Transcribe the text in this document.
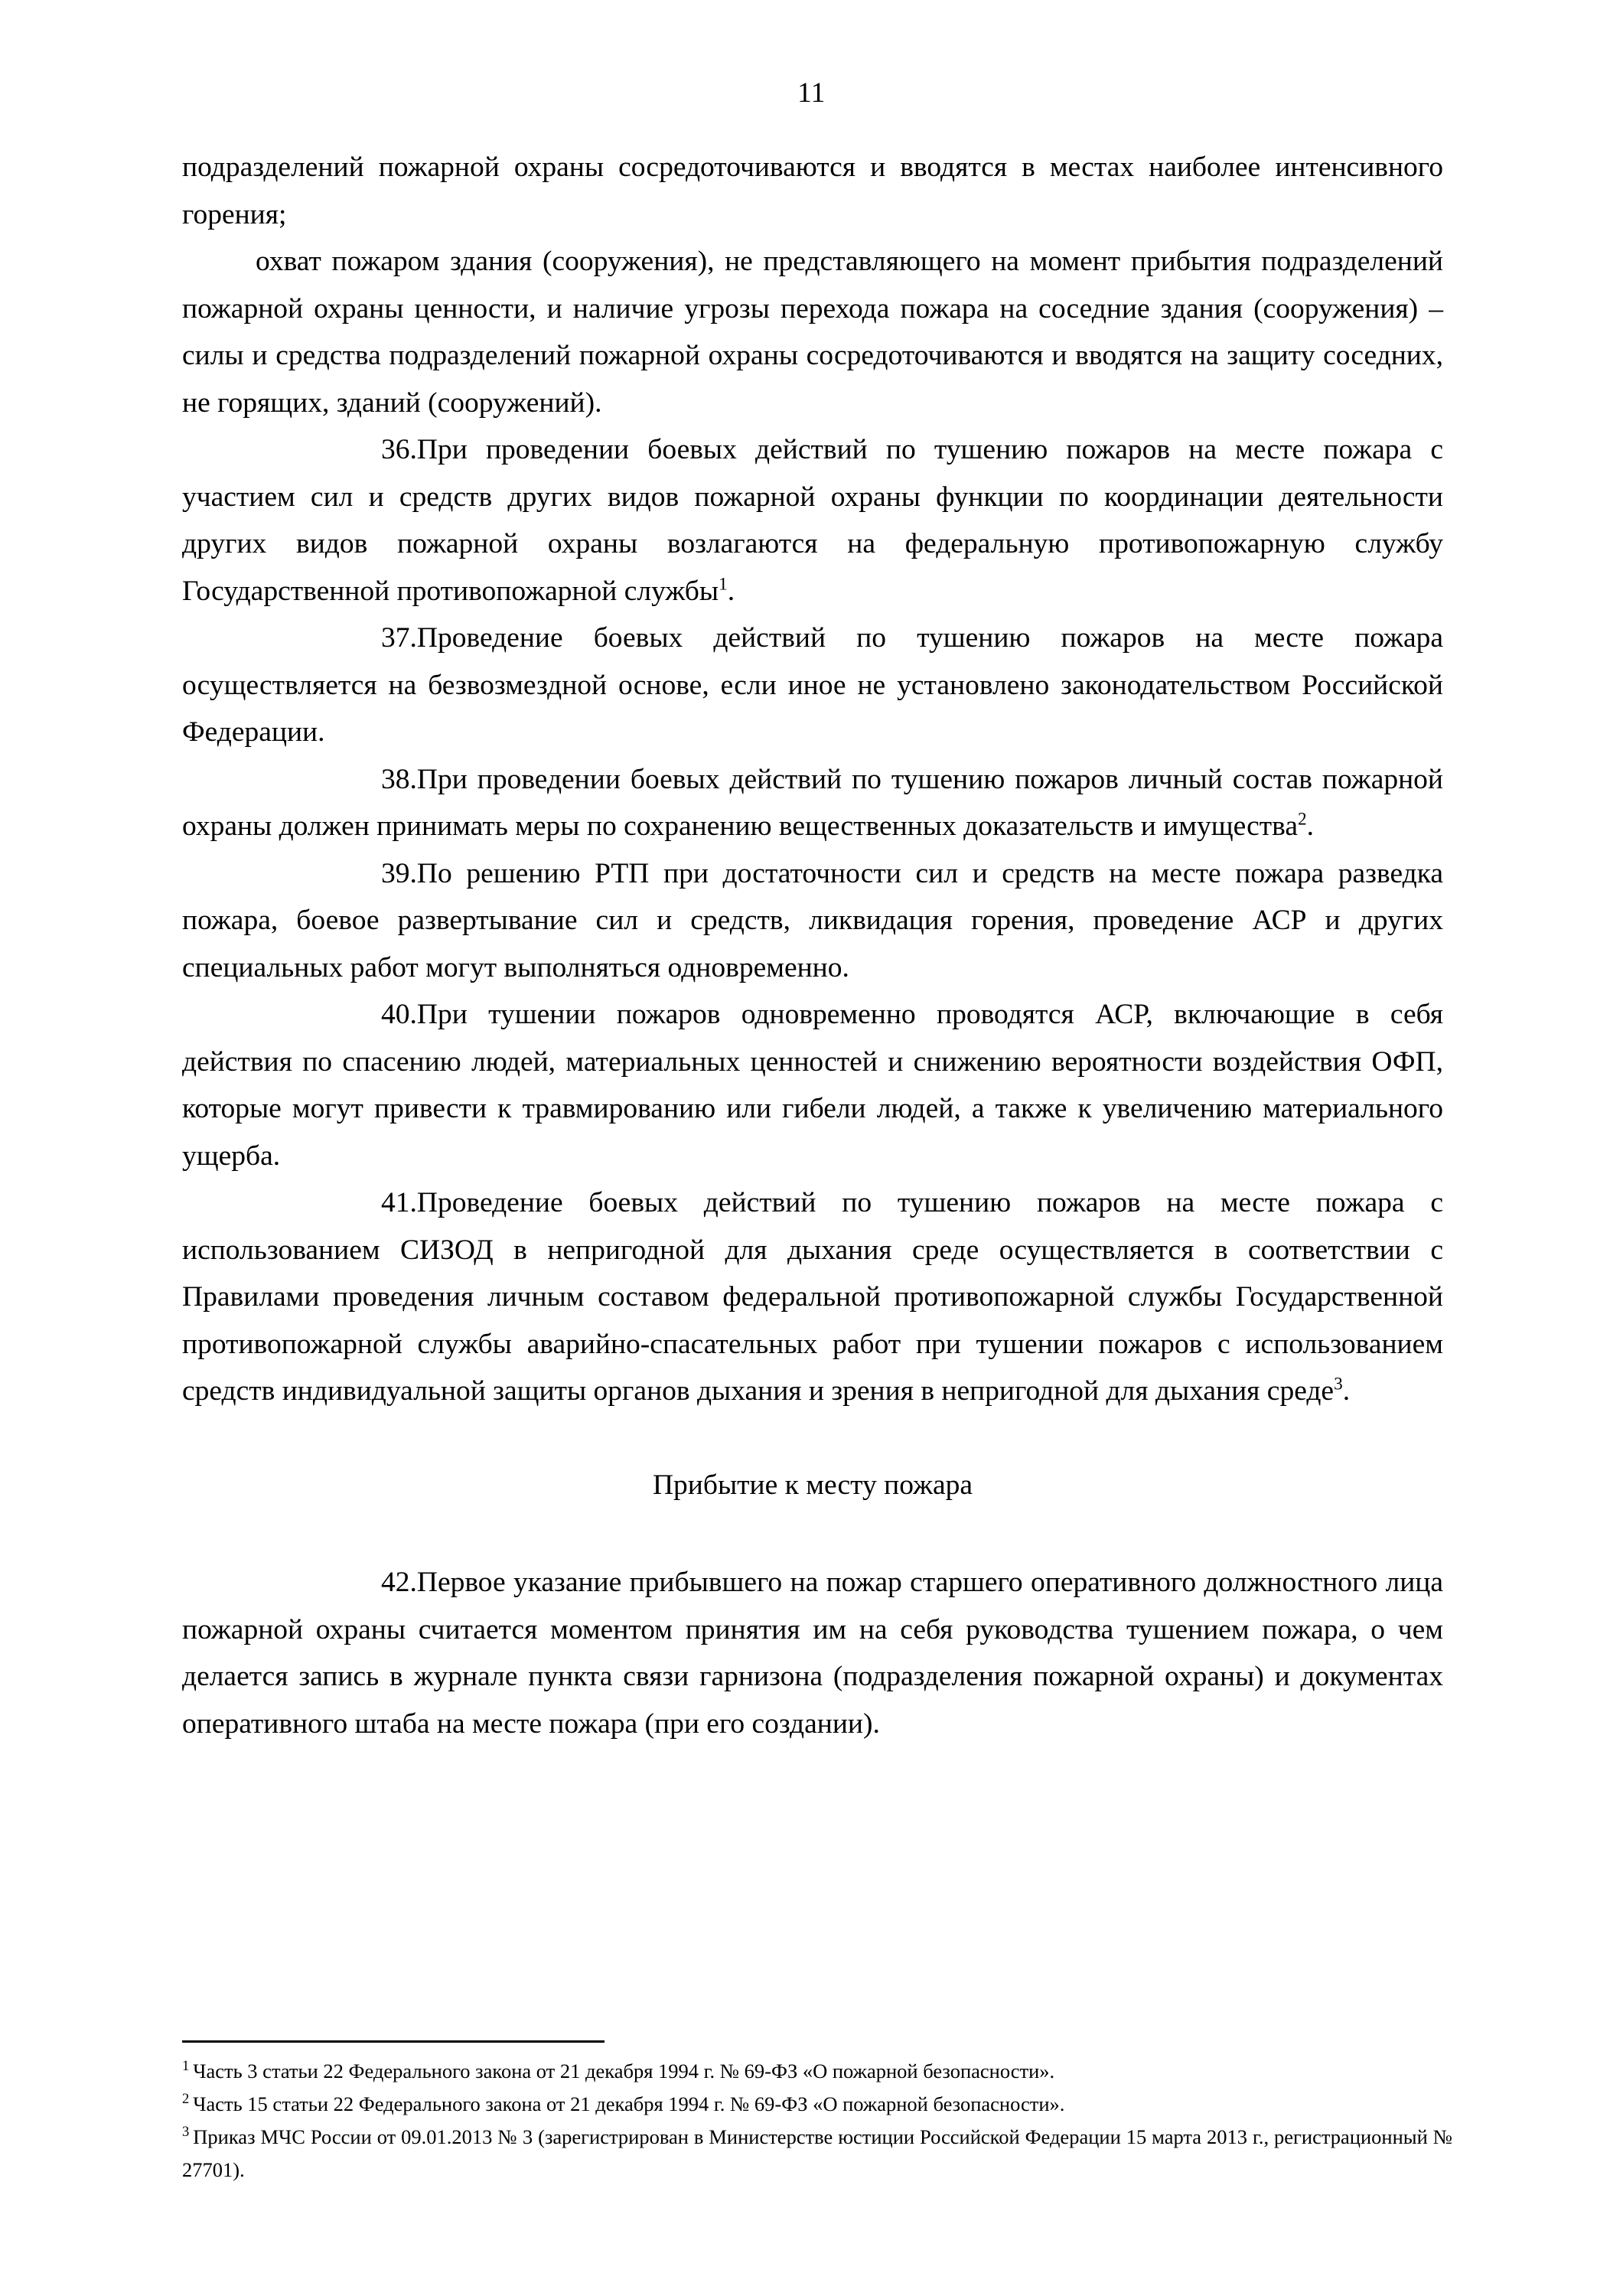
11

подразделений пожарной охраны сосредоточиваются и вводятся в местах наиболее интенсивного горения;

охват пожаром здания (сооружения), не представляющего на момент прибытия подразделений пожарной охраны ценности, и наличие угрозы перехода пожара на соседние здания (сооружения) – силы и средства подразделений пожарной охраны сосредоточиваются и вводятся на защиту соседних, не горящих, зданий (сооружений).

36.При проведении боевых действий по тушению пожаров на месте пожара с участием сил и средств других видов пожарной охраны функции по координации деятельности других видов пожарной охраны возлагаются на федеральную противопожарную службу Государственной противопожарной службы$^1$.

37.Проведение боевых действий по тушению пожаров на месте пожара осуществляется на безвозмездной основе, если иное не установлено законодательством Российской Федерации.

38.При проведении боевых действий по тушению пожаров личный состав пожарной охраны должен принимать меры по сохранению вещественных доказательств и имущества$^2$.

39.По решению РТП при достаточности сил и средств на месте пожара разведка пожара, боевое развертывание сил и средств, ликвидация горения, проведение АСР и других специальных работ могут выполняться одновременно.

40.При тушении пожаров одновременно проводятся АСР, включающие в себя действия по спасению людей, материальных ценностей и снижению вероятности воздействия ОФП, которые могут привести к травмированию или гибели людей, а также к увеличению материального ущерба.

41.Проведение боевых действий по тушению пожаров на месте пожара с использованием СИЗОД в непригодной для дыхания среде осуществляется в соответствии с Правилами проведения личным составом федеральной противопожарной службы Государственной противопожарной службы аварийно-спасательных работ при тушении пожаров с использованием средств индивидуальной защиты органов дыхания и зрения в непригодной для дыхания среде$^3$.

Прибытие к месту пожара

42.Первое указание прибывшего на пожар старшего оперативного должностного лица пожарной охраны считается моментом принятия им на себя руководства тушением пожара, о чем делается запись в журнале пункта связи гарнизона (подразделения пожарной охраны) и документах оперативного штаба на месте пожара (при его создании).

$^1$ Часть 3 статьи 22 Федерального закона от 21 декабря 1994 г. № 69-ФЗ «О пожарной безопасности».

$^2$ Часть 15 статьи 22 Федерального закона от 21 декабря 1994 г. № 69-ФЗ «О пожарной безопасности».

$^3$ Приказ МЧС России от 09.01.2013 № 3 (зарегистрирован в Министерстве юстиции Российской Федерации 15 марта 2013 г., регистрационный № 27701).
